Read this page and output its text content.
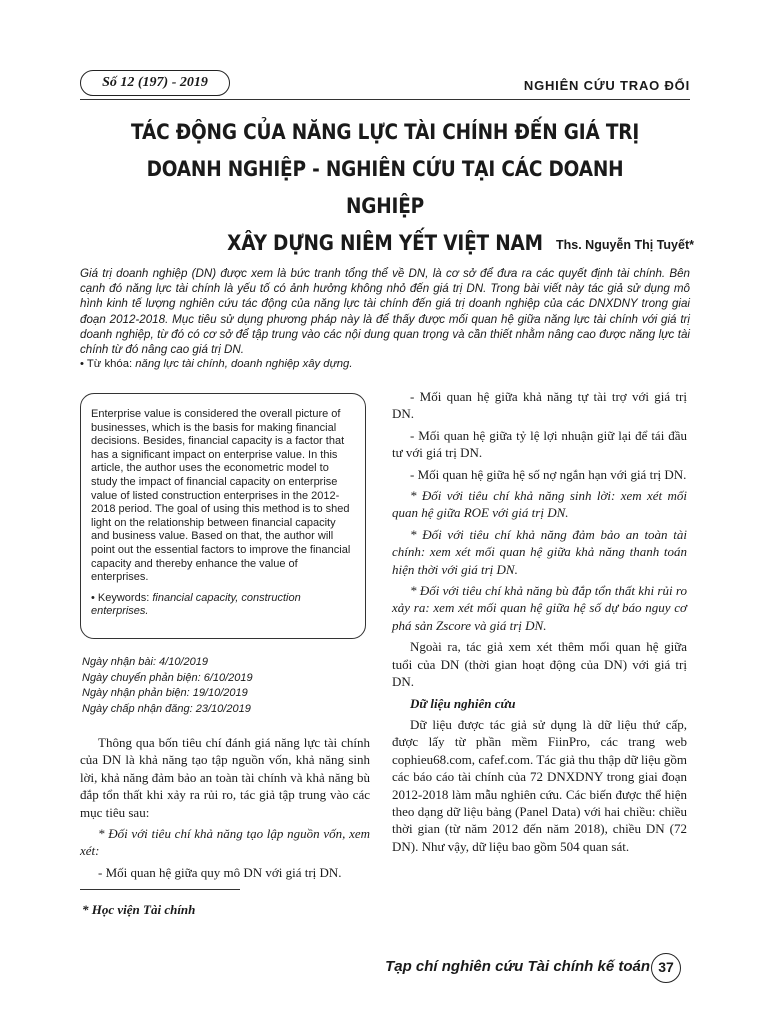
Số 12 (197) - 2019	NGHIÊN CỨU TRAO ĐỔI
TÁC ĐỘNG CỦA NĂNG LỰC TÀI CHÍNH ĐẾN GIÁ TRỊ
DOANH NGHIỆP - NGHIÊN CỨU TẠI CÁC DOANH NGHIỆP
XÂY DỰNG NIÊM YẾT VIỆT NAM	Ths. Nguyễn Thị Tuyết*

Giá trị doanh nghiệp (DN) được xem là bức tranh tổng thể về DN, là cơ sở để đưa ra các quyết định tài chính. Bên cạnh đó năng lực tài chính là yếu tố có ảnh hưởng không nhỏ đến giá trị DN. Trong bài viết này tác giả sử dụng mô hình kinh tế lượng nghiên cứu tác động của năng lực tài chính đến giá trị doanh nghiệp của các DNXDNY trong giai đoạn 2012-2018. Mục tiêu sử dụng phương pháp này là để thấy được mối quan hệ giữa năng lực tài chính với giá trị doanh nghiệp, từ đó có cơ sở để tập trung vào các nội dung quan trọng và cần thiết nhằm nâng cao được năng lực tài chính từ đó nâng cao giá trị DN.

• Từ khóa: năng lực tài chính, doanh nghiệp xây dựng.

Enterprise value is considered the overall picture of businesses, which is the basis for making financial decisions. Besides, financial capacity is a factor that has a significant impact on enterprise value. In this article, the author uses the econometric model to study the impact of financial capacity on enterprise value of listed construction enterprises in the 2012-2018 period. The goal of using this method is to shed light on the relationship between financial capacity and business value. Based on that, the author will point out the essential factors to improve the financial capacity and thereby enhance the value of enterprises.

• Keywords: financial capacity, construction enterprises.

Ngày nhận bài: 4/10/2019
Ngày chuyển phản biện: 6/10/2019
Ngày nhận phản biện: 19/10/2019
Ngày chấp nhận đăng: 23/10/2019

Thông qua bốn tiêu chí đánh giá năng lực tài chính của DN là khả năng tạo tập nguồn vốn, khả năng sinh lời, khả năng đảm bảo an toàn tài chính và khả năng bù đắp tổn thất khi xảy ra rủi ro, tác giả tập trung vào các mục tiêu sau:

* Đối với tiêu chí khả năng tạo lập nguồn vốn, xem xét:

- Mối quan hệ giữa quy mô DN với giá trị DN.

- Mối quan hệ giữa khả năng tự tài trợ với giá trị DN.

- Mối quan hệ giữa tỷ lệ lợi nhuận giữ lại để tái đầu tư với giá trị DN.

- Mối quan hệ giữa hệ số nợ ngắn hạn với giá trị DN.

* Đối với tiêu chí khả năng sinh lời: xem xét mối quan hệ giữa ROE với giá trị DN.

* Đối với tiêu chí khả năng đảm bảo an toàn tài chính: xem xét mối quan hệ giữa khả năng thanh toán hiện thời với giá trị DN.

* Đối với tiêu chí khả năng bù đắp tổn thất khi rủi ro xảy ra: xem xét mối quan hệ giữa hệ số dự báo nguy cơ phá sản Zscore và giá trị DN.

Ngoài ra, tác giả xem xét thêm mối quan hệ giữa tuổi của DN (thời gian hoạt động của DN) với giá trị DN.

Dữ liệu nghiên cứu

Dữ liệu được tác giả sử dụng là dữ liệu thứ cấp, được lấy từ phần mềm FiinPro, các trang web cophieu68.com, cafef.com. Tác giả thu thập dữ liệu gồm các báo cáo tài chính của 72 DNXDNY trong giai đoạn 2012-2018 làm mẫu nghiên cứu. Các biến được thể hiện theo dạng dữ liệu bảng (Panel Data) với hai chiều: chiều thời gian (từ năm 2012 đến năm 2018), chiều DN (72 DN). Như vậy, dữ liệu bao gồm 504 quan sát.

* Học viện Tài chính
Tạp chí nghiên cứu Tài chính kế toán 37
